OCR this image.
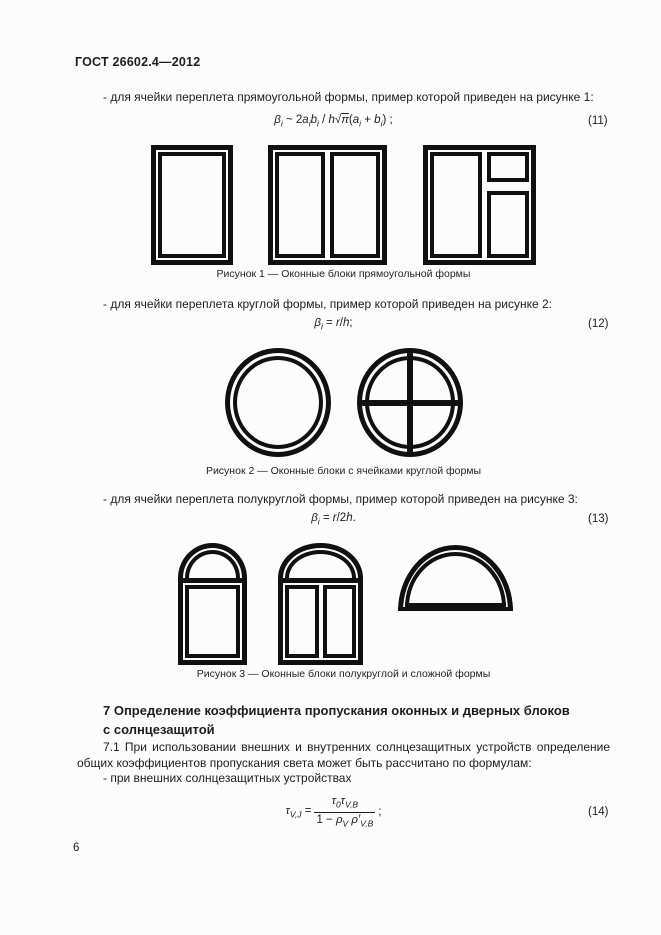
ГОСТ 26602.4—2012
- для ячейки переплета прямоугольной формы, пример которой приведен на рисунке 1:
$\beta_i$ ~ $2a_ib_i / h√\pi(a_i + b_i)$ ;	(11)
Рисунок 1 — Оконные блоки прямоугольной формы
- для ячейки переплета круглой формы, пример которой приведен на рисунке 2:
$\beta_i = r/h$;	(12)
Рисунок 2 — Оконные блоки с ячейками круглой формы
- для ячейки переплета полукруглой формы, пример которой приведен на рисунке 3:
$\beta_i = r/2h$.	(13)
Рисунок 3 — Оконные блоки полукруглой и сложной формы
7 Определение коэффициента пропускания оконных и дверных блоков
с солнцезащитой
7.1 При использовании внешних и внутренних солнцезащитных устройств определение общих коэффициентов пропускания света может быть рассчитано по формулам:
- при внешних солнцезащитных устройствах
$\tau_{V,J} = \frac{\tau_0\tau_{V,B}}{1 - \rho_V \rho'_{V,B}}$ ;	(14)
6
